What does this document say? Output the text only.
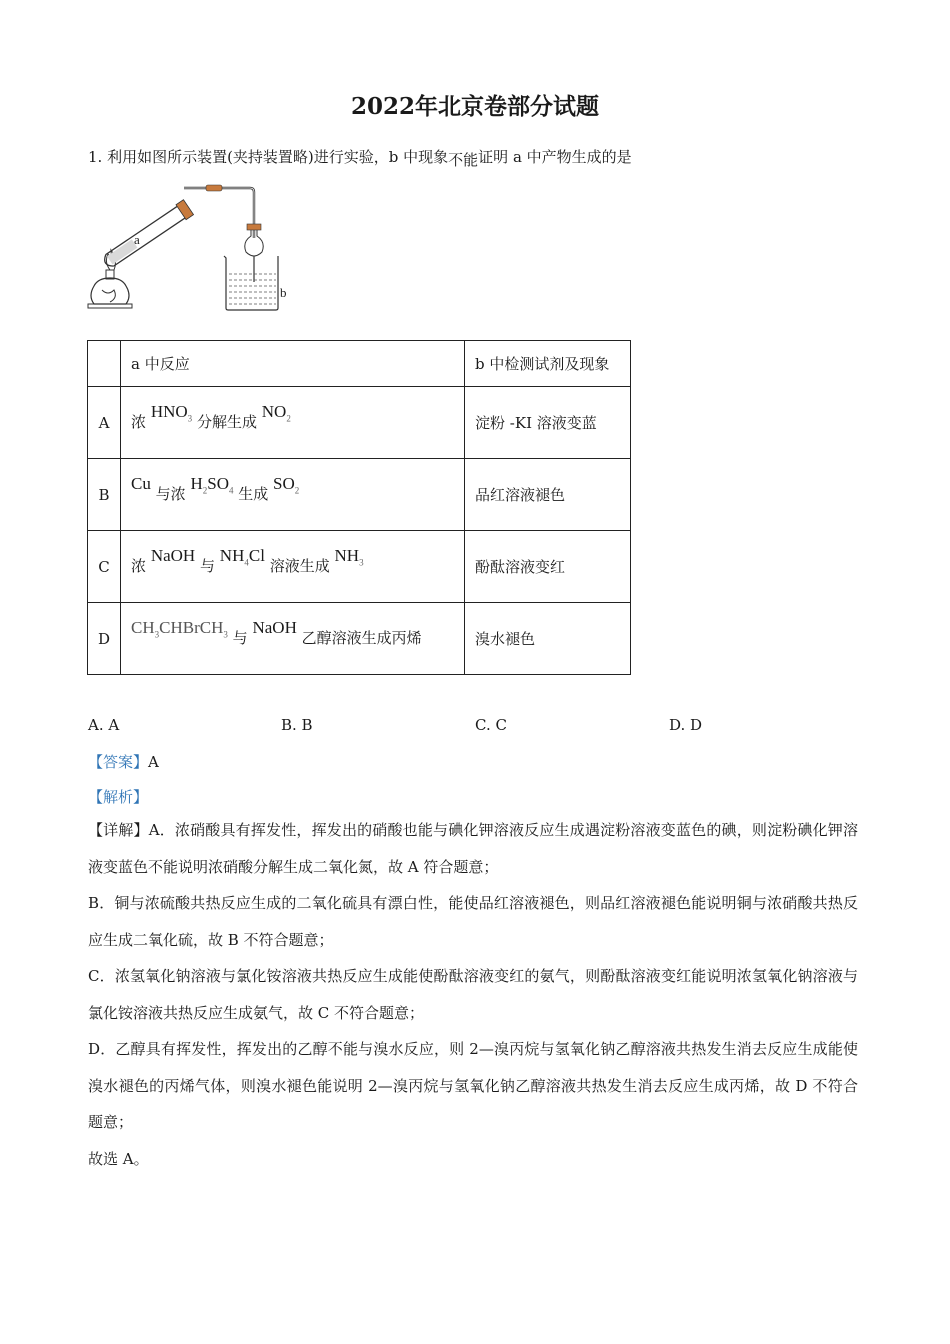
2022年北京卷部分试题
1. 利用如图所示装置(夹持装置略)进行实验，b 中现象不能证明 a 中产物生成的是
a
b
	a 中反应	b 中检测试剂及现象
A	浓 $HNO_3$ 分解生成 $NO_2$	淀粉 -KI 溶液变蓝
B	Cu 与浓 $H_2SO_4$ 生成 $SO_2$	品红溶液褪色
C	浓 NaOH 与 $NH_4Cl$ 溶液生成 $NH_3$	酚酞溶液变红
D	$CH_3CHBrCH_3$ 与 NaOH 乙醇溶液生成丙烯	溴水褪色
A. A	B. B	C. C	D. D
【答案】A
【解析】
【详解】A．浓硝酸具有挥发性，挥发出的硝酸也能与碘化钾溶液反应生成遇淀粉溶液变蓝色的碘，则淀粉碘化钾溶液变蓝色不能说明浓硝酸分解生成二氧化氮，故 A 符合题意；
B．铜与浓硫酸共热反应生成的二氧化硫具有漂白性，能使品红溶液褪色，则品红溶液褪色能说明铜与浓硝酸共热反应生成二氧化硫，故 B 不符合题意；
C．浓氢氧化钠溶液与氯化铵溶液共热反应生成能使酚酞溶液变红的氨气，则酚酞溶液变红能说明浓氢氧化钠溶液与氯化铵溶液共热反应生成氨气，故 C 不符合题意；
D．乙醇具有挥发性，挥发出的乙醇不能与溴水反应，则 2—溴丙烷与氢氧化钠乙醇溶液共热发生消去反应生成能使溴水褪色的丙烯气体，则溴水褪色能说明 2—溴丙烷与氢氧化钠乙醇溶液共热发生消去反应生成丙烯，故 D 不符合题意；
故选 A。
